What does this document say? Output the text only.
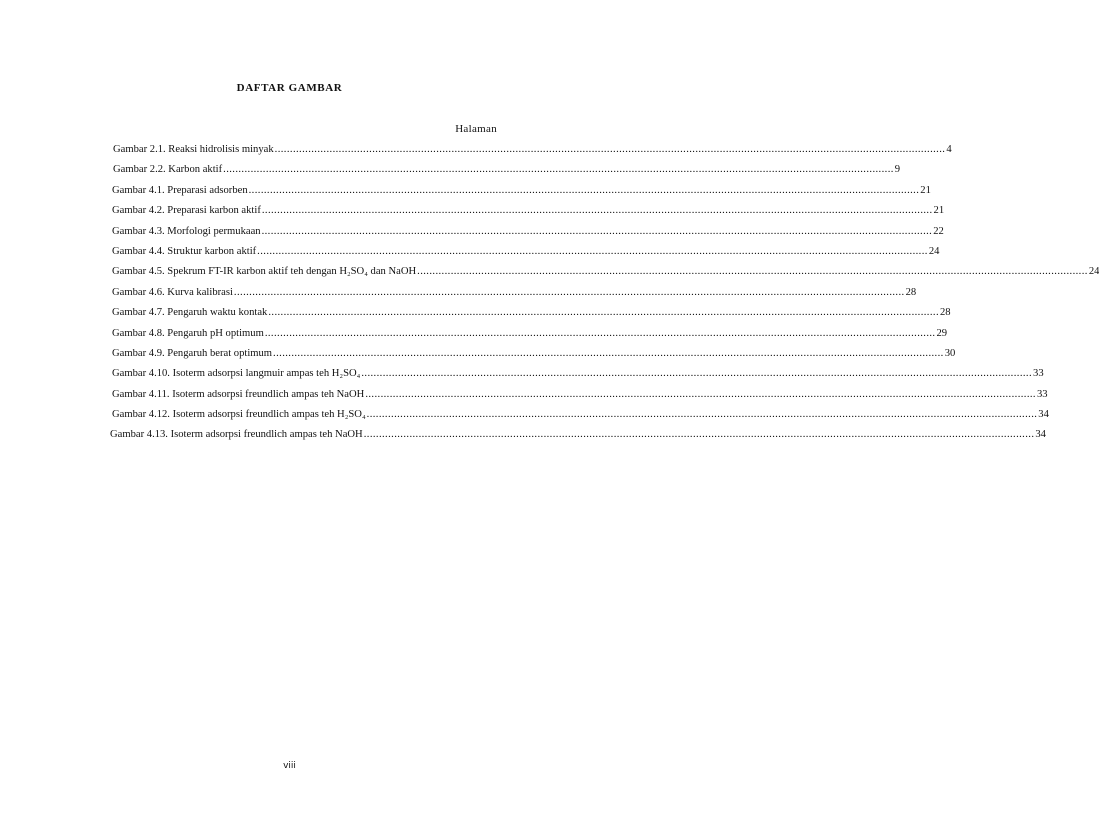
DAFTAR GAMBAR
Halaman
Gambar 2.1. Reaksi hidrolisis minyak ............................................................................................................................................................................................................................ 4
Gambar 2.2. Karbon aktif ............................................................................................................................................................................................................................ 9
Gambar 4.1. Preparasi adsorben ............................................................................................................................................................................................................................ 21
Gambar 4.2. Preparasi karbon aktif ............................................................................................................................................................................................................................ 21
Gambar 4.3. Morfologi permukaan ............................................................................................................................................................................................................................ 22
Gambar 4.4. Struktur karbon aktif ............................................................................................................................................................................................................................ 24
Gambar 4.5. Spekrum FT-IR karbon aktif teh dengan H₂SO₄ dan NaOH ............................................................................................................................................................................................................................ 24
Gambar 4.6. Kurva kalibrasi ............................................................................................................................................................................................................................ 28
Gambar 4.7. Pengaruh waktu kontak ............................................................................................................................................................................................................................ 28
Gambar 4.8. Pengaruh pH optimum ............................................................................................................................................................................................................................ 29
Gambar 4.9. Pengaruh berat optimum ............................................................................................................................................................................................................................ 30
Gambar 4.10. Isoterm adsorpsi langmuir ampas teh H₂SO₄ ............................................................................................................................................................................................................................ 33
Gambar 4.11. Isoterm adsorpsi freundlich ampas teh NaOH ............................................................................................................................................................................................................................ 33
Gambar 4.12. Isoterm adsorpsi freundlich ampas teh H₂SO₄ ............................................................................................................................................................................................................................ 34
Gambar 4.13. Isoterm adsorpsi freundlich ampas teh NaOH ............................................................................................................................................................................................................................ 34
viii
